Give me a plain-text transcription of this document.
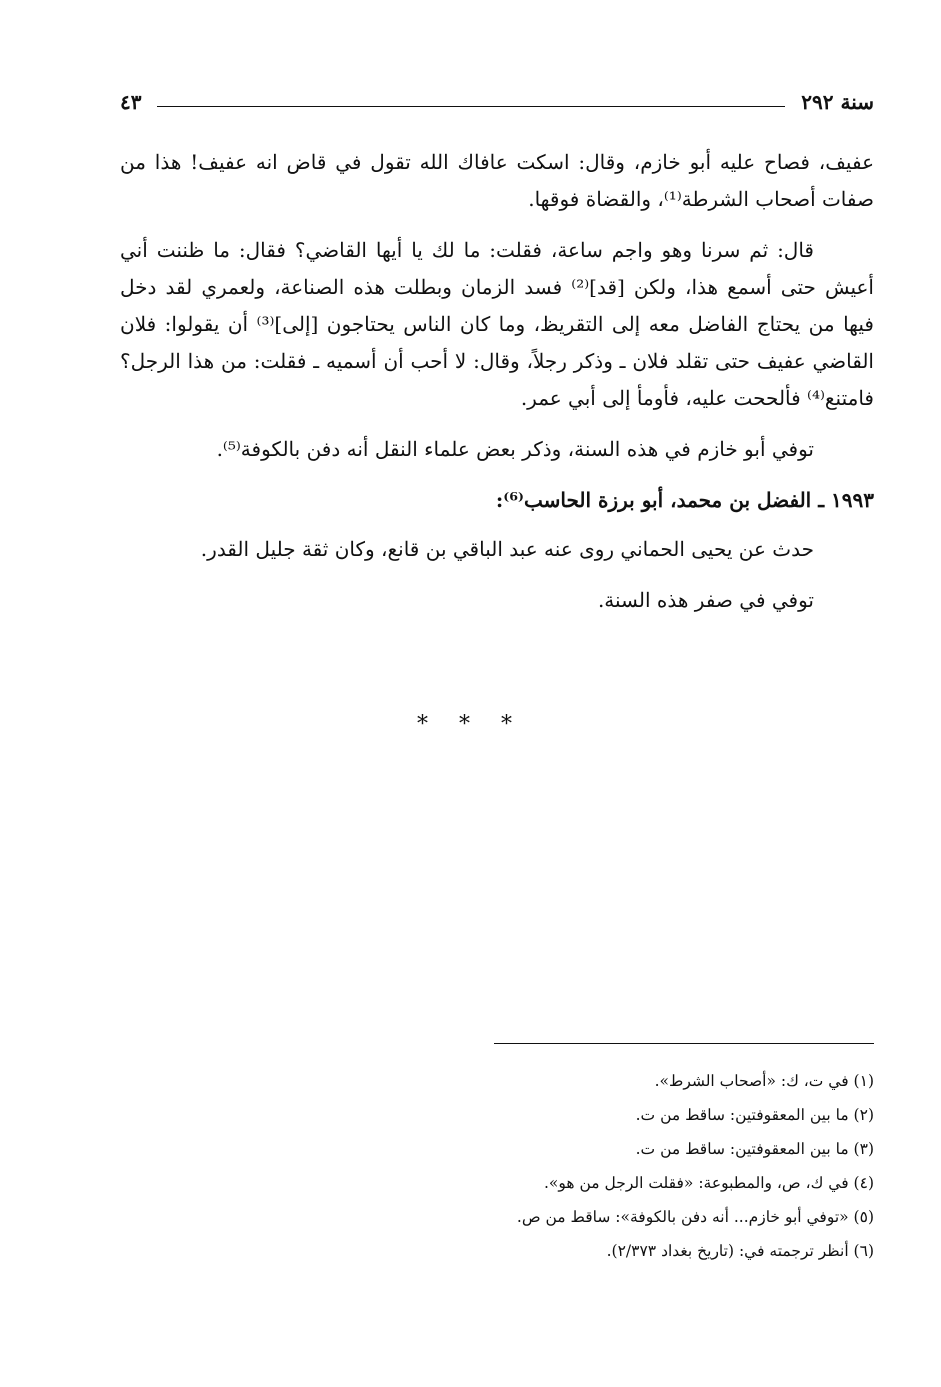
سنة ٢٩٢
٤٣

عفيف، فصاح عليه أبو خازم، وقال: اسكت عافاك الله تقول في قاض انه عفيف! هذا من صفات أصحاب الشرطة⁽¹⁾، والقضاة فوقها.

قال: ثم سرنا وهو واجم ساعة، فقلت: ما لك يا أيها القاضي؟ فقال: ما ظننت أني أعيش حتى أسمع هذا، ولكن [قد]⁽²⁾ فسد الزمان وبطلت هذه الصناعة، ولعمري لقد دخل فيها من يحتاج الفاضل معه إلى التقريظ، وما كان الناس يحتاجون [إلى]⁽³⁾ أن يقولوا: فلان القاضي عفيف حتى تقلد فلان ـ وذكر رجلاً، وقال: لا أحب أن أسميه ـ فقلت: من هذا الرجل؟ فامتنع⁽⁴⁾ فألححت عليه، فأومأ إلى أبي عمر.

توفي أبو خازم في هذه السنة، وذكر بعض علماء النقل أنه دفن بالكوفة⁽⁵⁾.

١٩٩٣ ـ الفضل بن محمد، أبو برزة الحاسب⁽⁶⁾:

حدث عن يحيى الحماني روى عنه عبد الباقي بن قانع، وكان ثقة جليل القدر.

توفي في صفر هذه السنة.

* * *
(١) في ت، ك: «أصحاب الشرط».
(٢) ما بين المعقوفتين: ساقط من ت.
(٣) ما بين المعقوفتين: ساقط من ت.
(٤) في ك، ص، والمطبوعة: «فقلت الرجل من هو».
(٥) «توفي أبو خازم... أنه دفن بالكوفة»: ساقط من ص.
(٦) أنظر ترجمته في: (تاريخ بغداد ٢/٣٧٣).
